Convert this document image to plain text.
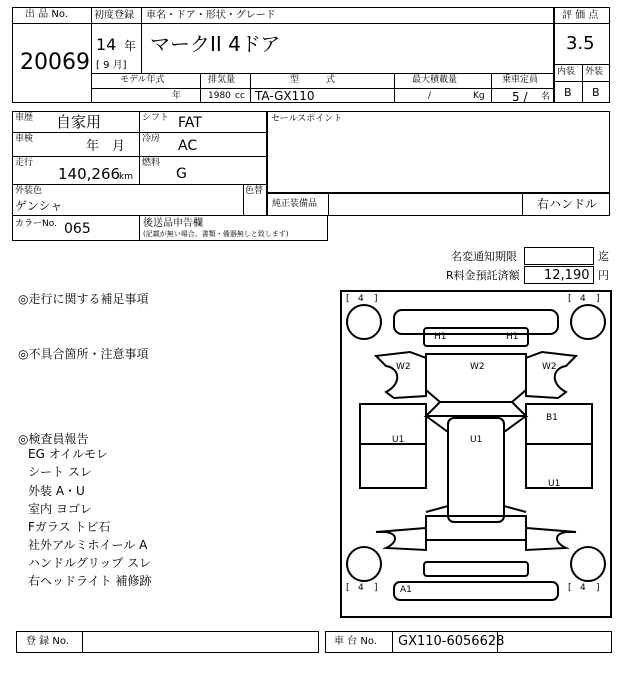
出 品 No.
20069
初度登録
14 年
[ 9 月]
車名・ドア・形状・グレード
マークII 4ドア
モデル年式
年
排気量
1980 cc
型　　　式
TA-GX110
最大積載量
/	Kg
乗車定員
5 / 名
評 価 点
3.5
内装 外装
B B
車歴 自家用	シフト FAT
車検	年　月 冷房 AC
走行
140,266
km
燃料
G
セールスポイント
外装色
ゲンシャ
色替
純正装備品	右ハンドル
カラーNo. 065	後送品申告欄
(記載が無い場合、書類・備器無しと致します)
名変通知期限	迄
R料金預託済額 12,190 円
◎走行に関する補足事項
◎不具合箇所・注意事項
◎検査員報告
EG オイルモレ
シート スレ
外装 A・U
室内 ヨゴレ
Fガラス トビ石
社外アルミホイール A
ハンドルグリップ スレ
右ヘッドライト 補修跡
[ 4 ]	[ 4 ]
[ 4 ]	[ 4 ]
H1	H1
W2	W2	W2
B1
U1	U1
U1
A1
登 録 No.	車 台 No. GX110-6056628
